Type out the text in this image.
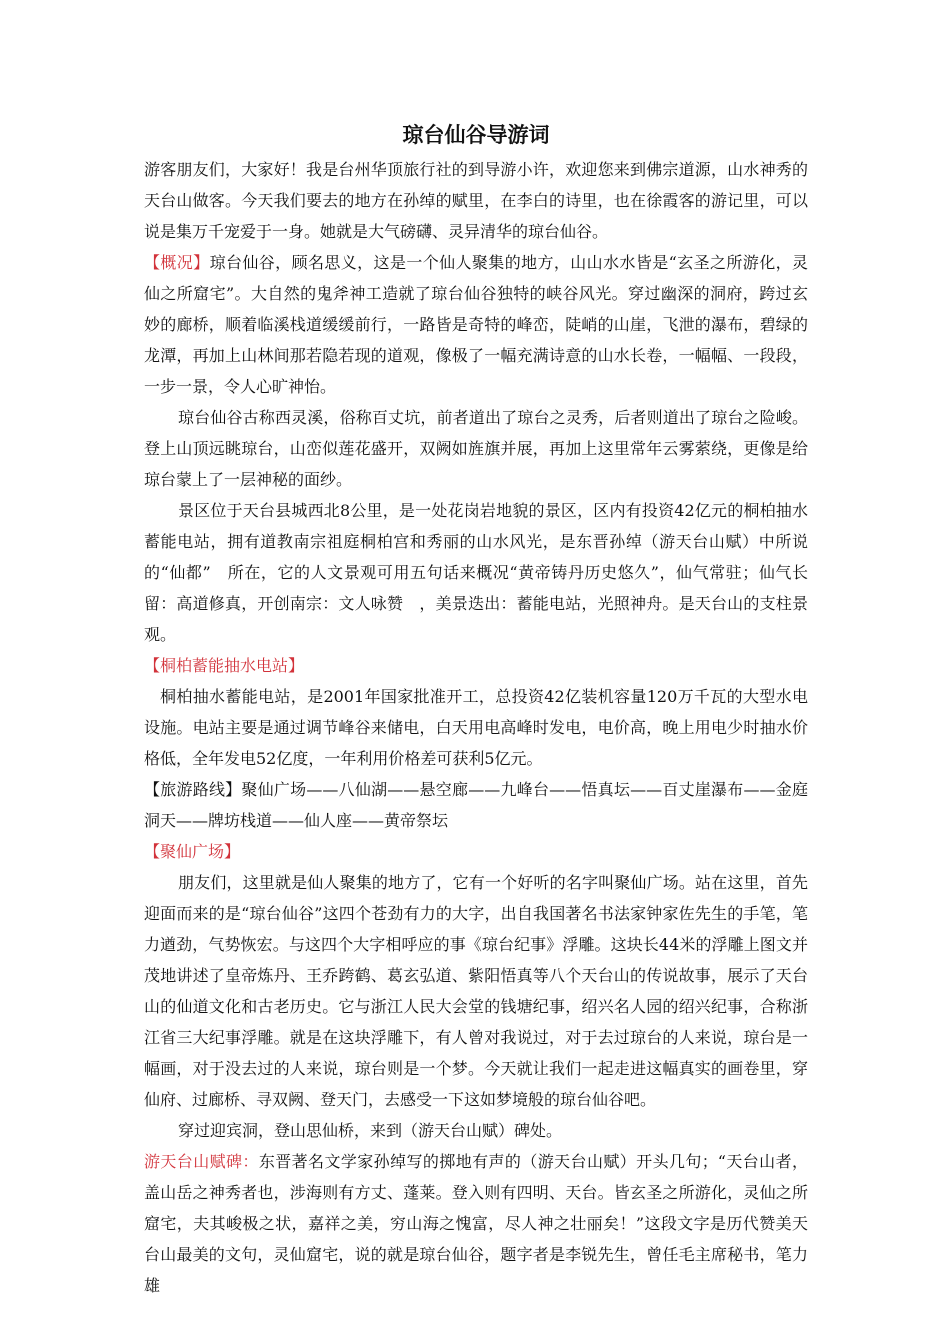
琼台仙谷导游词

游客朋友们，大家好！我是台州华顶旅行社的到导游小许，欢迎您来到佛宗道源，山水神秀的天台山做客。今天我们要去的地方在孙绰的赋里，在李白的诗里，也在徐霞客的游记里，可以说是集万千宠爱于一身。她就是大气磅礴、灵异清华的琼台仙谷。

【概况】琼台仙谷，顾名思义，这是一个仙人聚集的地方，山山水水皆是“玄圣之所游化，灵仙之所窟宅”。大自然的鬼斧神工造就了琼台仙谷独特的峡谷风光。穿过幽深的洞府，跨过玄妙的廊桥，顺着临溪栈道缓缓前行，一路皆是奇特的峰峦，陡峭的山崖，飞泄的瀑布，碧绿的龙潭，再加上山林间那若隐若现的道观，像极了一幅充满诗意的山水长卷，一幅幅、一段段，一步一景，令人心旷神怡。

琼台仙谷古称西灵溪，俗称百丈坑，前者道出了琼台之灵秀，后者则道出了琼台之险峻。登上山顶远眺琼台，山峦似莲花盛开，双阙如旌旗并展，再加上这里常年云雾萦绕，更像是给琼台蒙上了一层神秘的面纱。

景区位于天台县城西北8公里，是一处花岗岩地貌的景区，区内有投资42亿元的桐柏抽水蓄能电站，拥有道教南宗祖庭桐柏宫和秀丽的山水风光，是东晋孙绰（游天台山赋）中所说的“仙都”　所在，它的人文景观可用五句话来概况“黄帝铸丹历史悠久”，仙气常驻；仙气长留：高道修真，开创南宗：文人咏赞　，美景迭出：蓄能电站，光照神舟。是天台山的支柱景观。

【桐柏蓄能抽水电站】

桐柏抽水蓄能电站，是2001年国家批准开工，总投资42亿装机容量120万千瓦的大型水电设施。电站主要是通过调节峰谷来储电，白天用电高峰时发电，电价高，晚上用电少时抽水价格低，全年发电52亿度，一年利用价格差可获利5亿元。

【旅游路线】聚仙广场——八仙湖——悬空廊——九峰台——悟真坛——百丈崖瀑布——金庭洞天——牌坊栈道——仙人座——黄帝祭坛

【聚仙广场】

朋友们，这里就是仙人聚集的地方了，它有一个好听的名字叫聚仙广场。站在这里，首先迎面而来的是“琼台仙谷”这四个苍劲有力的大字，出自我国著名书法家钟家佐先生的手笔，笔力遒劲，气势恢宏。与这四个大字相呼应的事《琼台纪事》浮雕。这块长44米的浮雕上图文并茂地讲述了皇帝炼丹、王乔跨鹤、葛玄弘道、紫阳悟真等八个天台山的传说故事，展示了天台山的仙道文化和古老历史。它与浙江人民大会堂的钱塘纪事，绍兴名人园的绍兴纪事，合称浙江省三大纪事浮雕。就是在这块浮雕下，有人曾对我说过，对于去过琼台的人来说，琼台是一幅画，对于没去过的人来说，琼台则是一个梦。今天就让我们一起走进这幅真实的画卷里，穿仙府、过廊桥、寻双阙、登天门，去感受一下这如梦境般的琼台仙谷吧。

穿过迎宾洞，登山思仙桥，来到（游天台山赋）碑处。

游天台山赋碑：东晋著名文学家孙绰写的掷地有声的（游天台山赋）开头几句；“天台山者，盖山岳之神秀者也，涉海则有方丈、蓬莱。登入则有四明、天台。皆玄圣之所游化，灵仙之所窟宅，夫其峻极之状，嘉祥之美，穷山海之愧富，尽人神之壮丽矣！”这段文字是历代赞美天台山最美的文句，灵仙窟宅，说的就是琼台仙谷，题字者是李锐先生，曾任毛主席秘书，笔力雄
